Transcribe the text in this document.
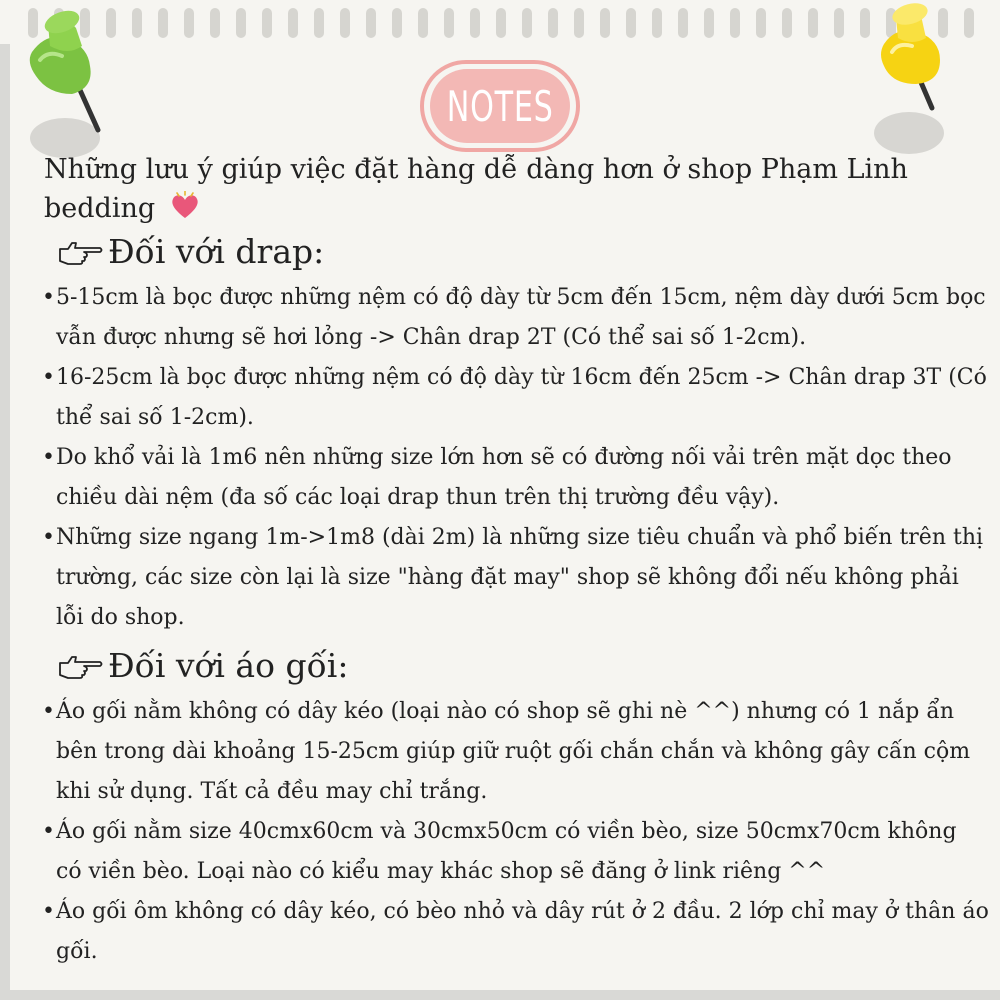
NOTES

Những lưu ý giúp việc đặt hàng dễ dàng hơn ở shop Phạm Linh bedding

Đối với drap:
• 5-15cm là bọc được những nệm có độ dày từ 5cm đến 15cm, nệm dày dưới 5cm bọc vẫn được nhưng sẽ hơi lỏng -> Chân drap 2T (Có thể sai số 1-2cm).
• 16-25cm là bọc được những nệm có độ dày từ 16cm đến 25cm -> Chân drap 3T (Có thể sai số 1-2cm).
• Do khổ vải là 1m6 nên những size lớn hơn sẽ có đường nối vải trên mặt dọc theo chiều dài nệm (đa số các loại drap thun trên thị trường đều vậy).
• Những size ngang 1m->1m8 (dài 2m) là những size tiêu chuẩn và phổ biến trên thị trường, các size còn lại là size "hàng đặt may" shop sẽ không đổi nếu không phải lỗi do shop.
Đối với áo gối:
• Áo gối nằm không có dây kéo (loại nào có shop sẽ ghi nè ^^) nhưng có 1 nắp ẩn bên trong dài khoảng 15-25cm giúp giữ ruột gối chắn chắn và không gây cấn cộm khi sử dụng. Tất cả đều may chỉ trắng.
• Áo gối nằm size 40cmx60cm và 30cmx50cm có viền bèo, size 50cmx70cm không có viền bèo. Loại nào có kiểu may khác shop sẽ đăng ở link riêng ^^
• Áo gối ôm không có dây kéo, có bèo nhỏ và dây rút ở 2 đầu. 2 lớp chỉ may ở thân áo gối.
